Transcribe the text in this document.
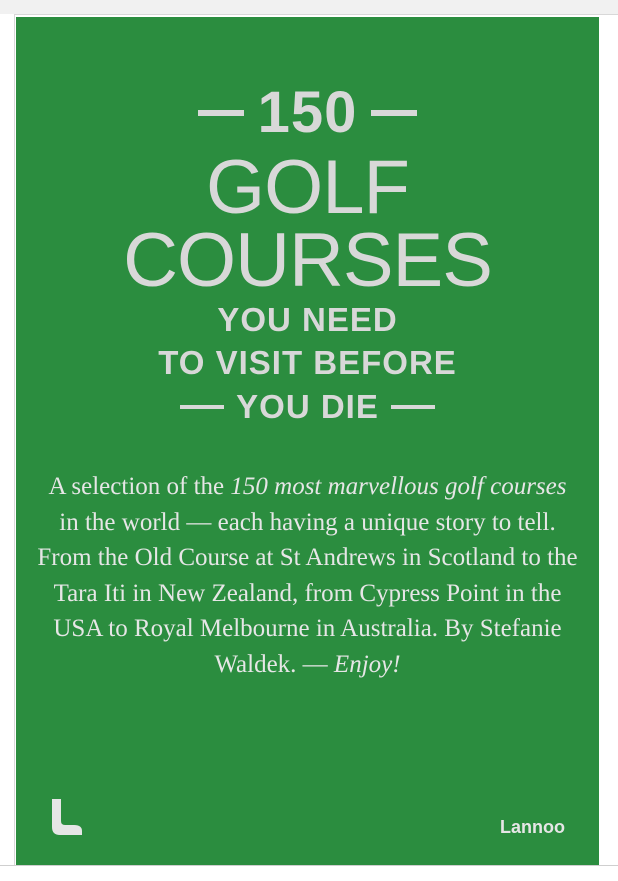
150
GOLF
COURSES
YOU NEED
TO VISIT BEFORE
YOU DIE
A selection of the 150 most marvellous golf courses in the world — each having a unique story to tell. From the Old Course at St Andrews in Scotland to the Tara Iti in New Zealand, from Cypress Point in the USA to Royal Melbourne in Australia. By Stefanie Waldek. — Enjoy!
Lannoo
